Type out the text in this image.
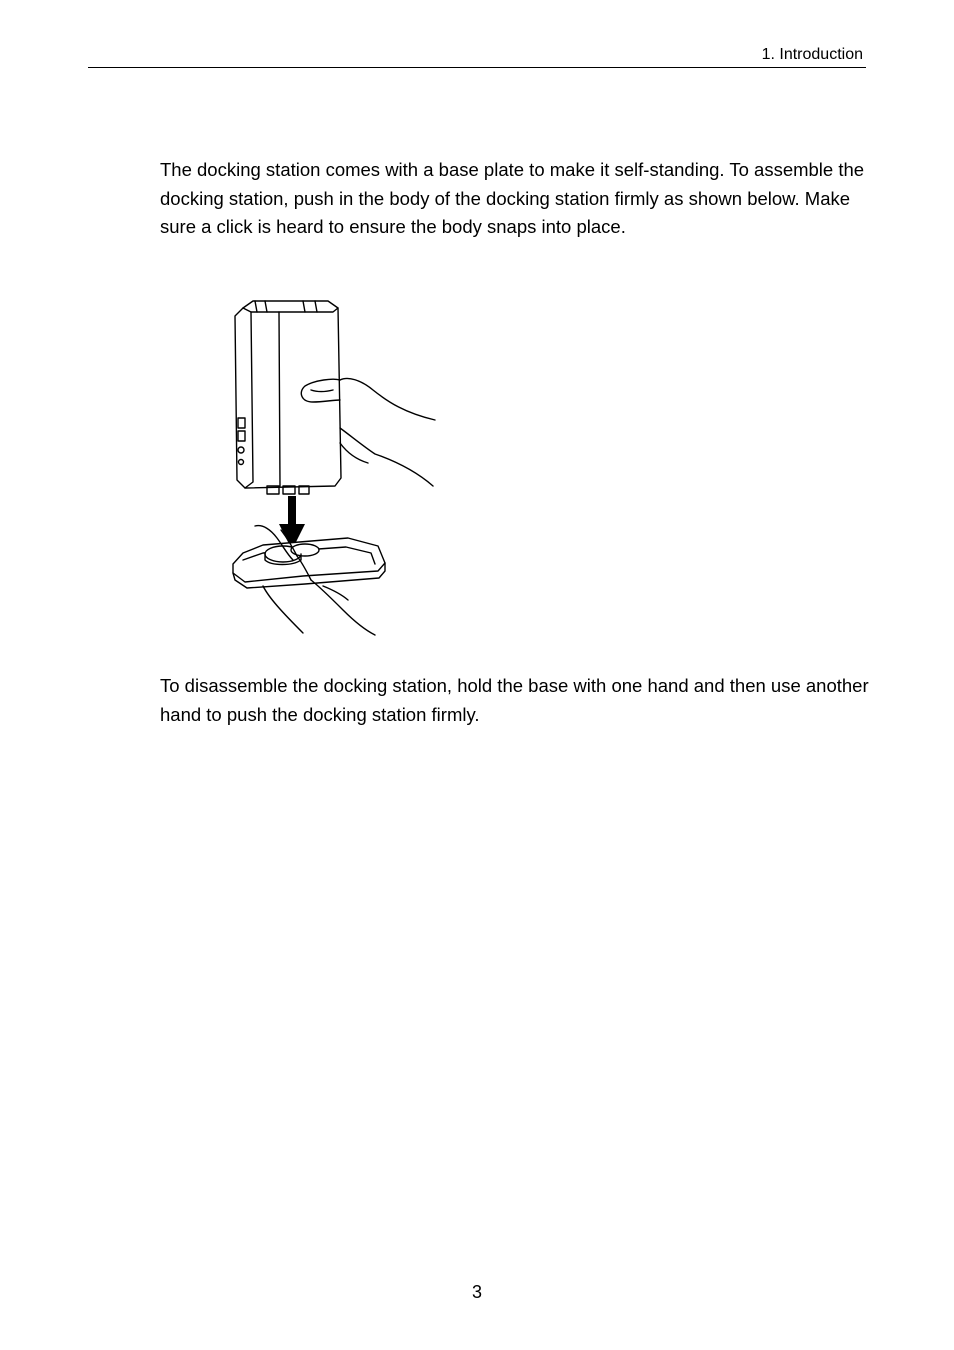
1. Introduction

The docking station comes with a base plate to make it self-standing. To assemble the docking station, push in the body of the docking station firmly as shown below. Make sure a click is heard to ensure the body snaps into place.

To disassemble the docking station, hold the base with one hand and then use another hand to push the docking station firmly.

3
